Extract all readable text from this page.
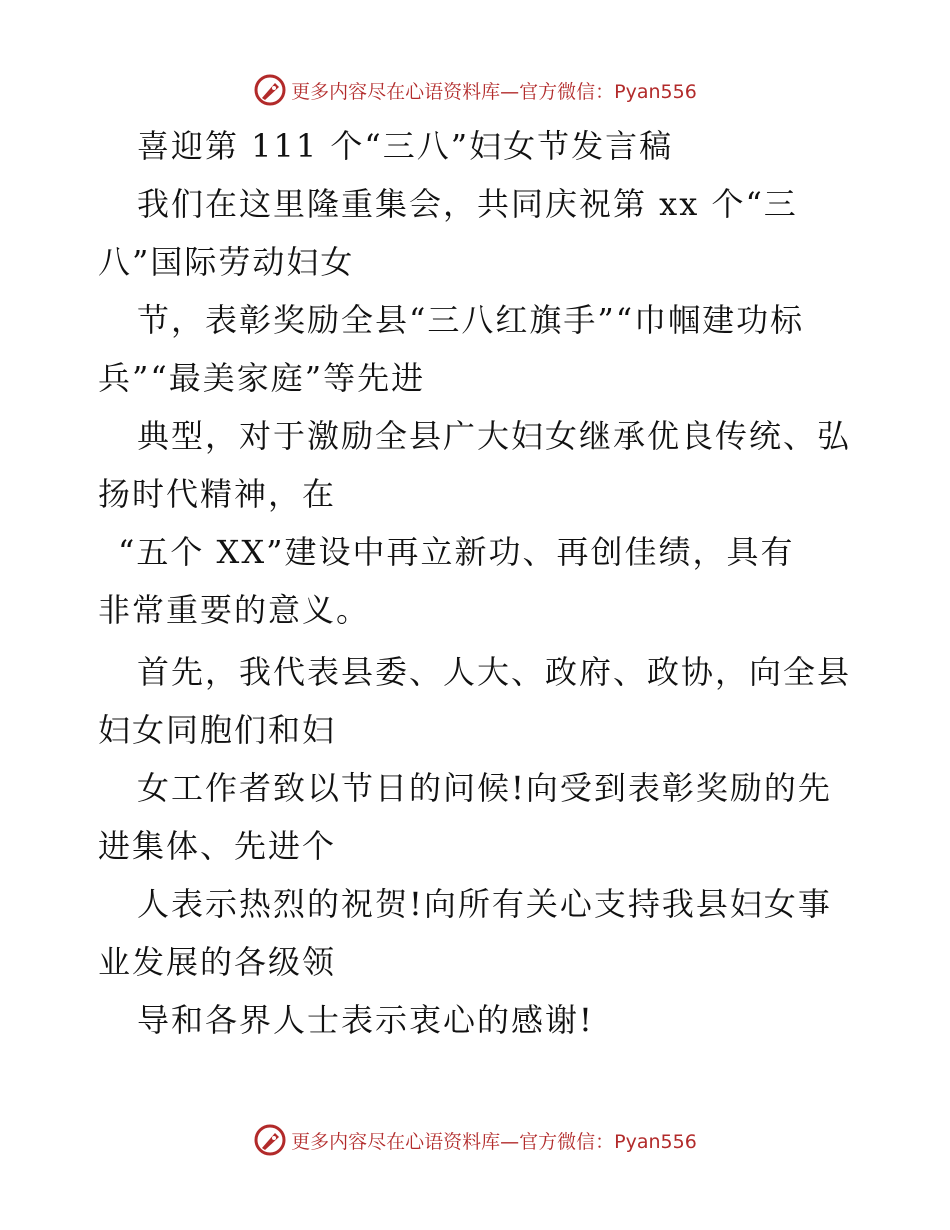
更多内容尽在心语资料库—官方微信：Pyan556
喜迎第 111 个“三八”妇女节发言稿
我们在这里隆重集会，共同庆祝第 xx 个“三
八”国际劳动妇女
节，表彰奖励全县“三八红旗手”“巾帼建功标
兵”“最美家庭”等先进
典型，对于激励全县广大妇女继承优良传统、弘
扬时代精神，在
“五个 XX”建设中再立新功、再创佳绩，具有
非常重要的意义。
首先，我代表县委、人大、政府、政协，向全县
妇女同胞们和妇
女工作者致以节日的问候!向受到表彰奖励的先
进集体、先进个
人表示热烈的祝贺!向所有关心支持我县妇女事
业发展的各级领
导和各界人士表示衷心的感谢!
更多内容尽在心语资料库—官方微信：Pyan556
